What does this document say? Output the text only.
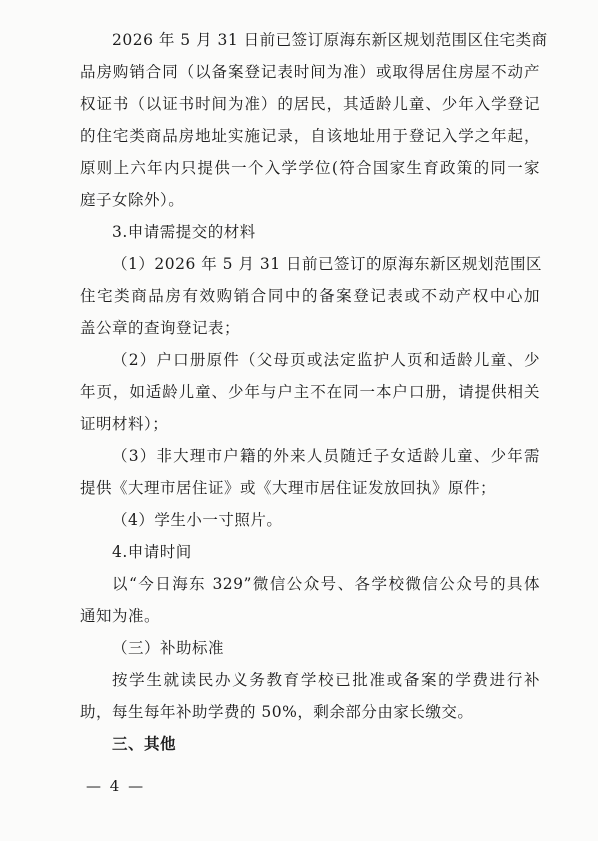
2026 年 5 月 31 日前已签订原海东新区规划范围区住宅类商
品房购销合同（以备案登记表时间为准）或取得居住房屋不动产
权证书（以证书时间为准）的居民，其适龄儿童、少年入学登记
的住宅类商品房地址实施记录，自该地址用于登记入学之年起，
原则上六年内只提供一个入学学位(符合国家生育政策的同一家
庭子女除外）。
3.申请需提交的材料
（1）2026 年 5 月 31 日前已签订的原海东新区规划范围区
住宅类商品房有效购销合同中的备案登记表或不动产权中心加
盖公章的查询登记表；
（2）户口册原件（父母页或法定监护人页和适龄儿童、少
年页，如适龄儿童、少年与户主不在同一本户口册，请提供相关
证明材料）；
（3）非大理市户籍的外来人员随迁子女适龄儿童、少年需
提供《大理市居住证》或《大理市居住证发放回执》原件；
（4）学生小一寸照片。
4.申请时间
以“今日海东 329”微信公众号、各学校微信公众号的具体
通知为准。
（三）补助标准
按学生就读民办义务教育学校已批准或备案的学费进行补
助，每生每年补助学费的 50%，剩余部分由家长缴交。
三、其他
— 4 —
